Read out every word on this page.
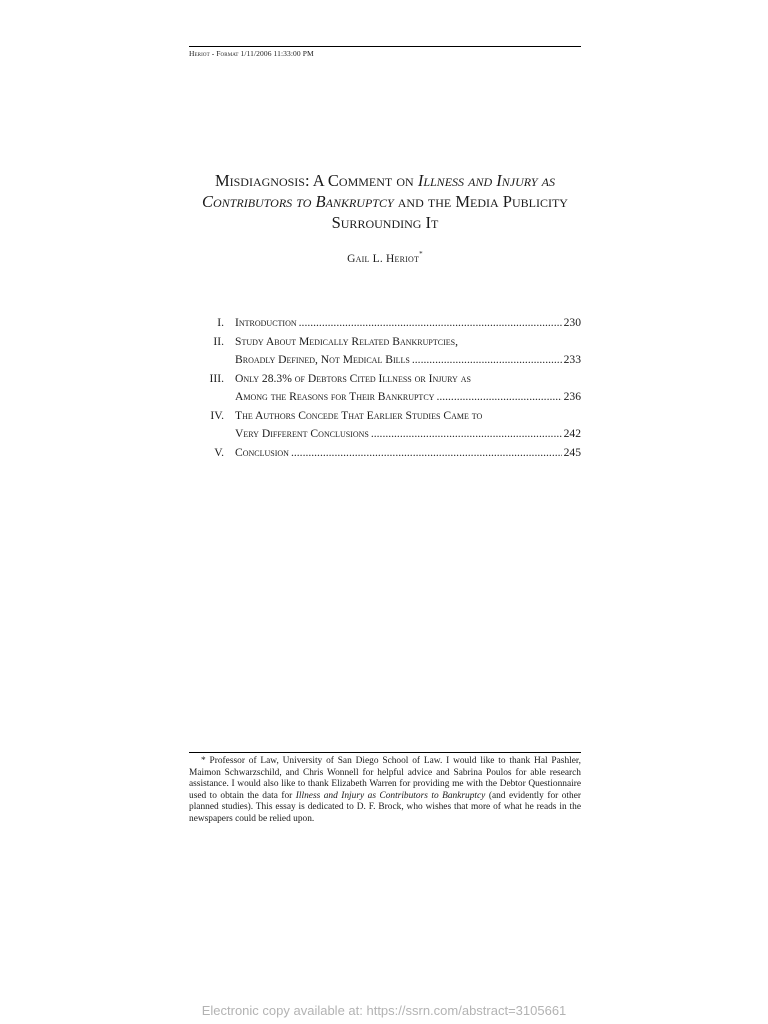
Heriot - Format 1/11/2006 11:33:00 PM
Misdiagnosis: A Comment on Illness and Injury as Contributors to Bankruptcy and the Media Publicity Surrounding It
Gail L. Heriot*
I. Introduction .....	230
II. Study About Medically Related Bankruptcies,
Broadly Defined, Not Medical Bills .....	233
III. Only 28.3% of Debtors Cited Illness or Injury as
Among the Reasons for Their Bankruptcy .....	236
IV. The Authors Concede That Earlier Studies Came to
Very Different Conclusions .....	242
V. Conclusion .....	245
* Professor of Law, University of San Diego School of Law. I would like to thank Hal Pashler, Maimon Schwarzschild, and Chris Wonnell for helpful advice and Sabrina Poulos for able research assistance. I would also like to thank Elizabeth Warren for providing me with the Debtor Questionnaire used to obtain the data for Illness and Injury as Contributors to Bankruptcy (and evidently for other planned studies). This essay is dedicated to D. F. Brock, who wishes that more of what he reads in the newspapers could be relied upon.
Electronic copy available at: https://ssrn.com/abstract=3105661
